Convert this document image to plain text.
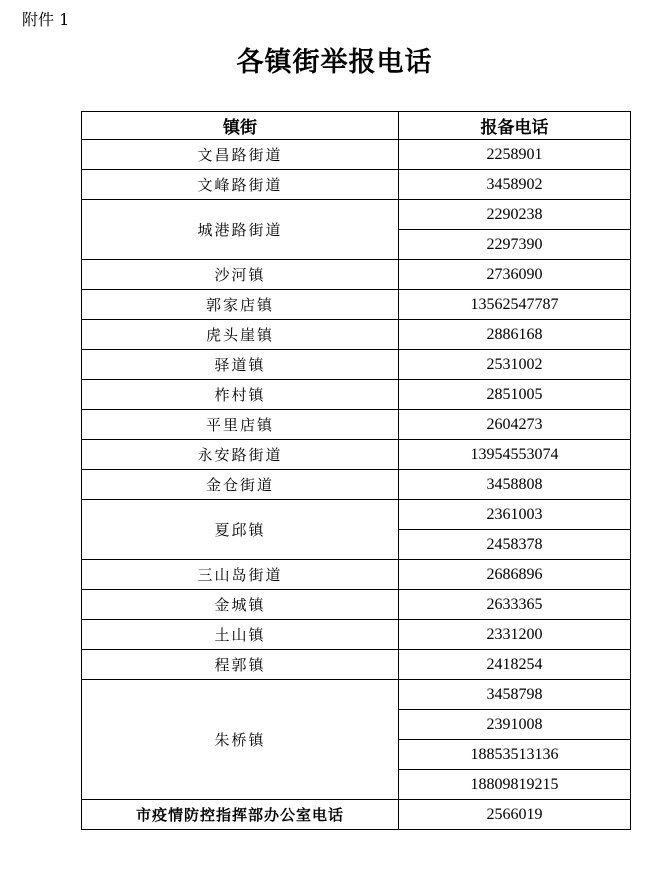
附件 1
各镇街举报电话
镇街	报备电话
文昌路街道	2258901
文峰路街道	3458902
城港路街道	2290238
	2297390
沙河镇	2736090
郭家店镇	13562547787
虎头崖镇	2886168
驿道镇	2531002
柞村镇	2851005
平里店镇	2604273
永安路街道	13954553074
金仓街道	3458808
夏邱镇	2361003
	2458378
三山岛街道	2686896
金城镇	2633365
土山镇	2331200
程郭镇	2418254
朱桥镇	3458798
	2391008
	18853513136
	18809819215
市疫情防控指挥部办公室电话	2566019
